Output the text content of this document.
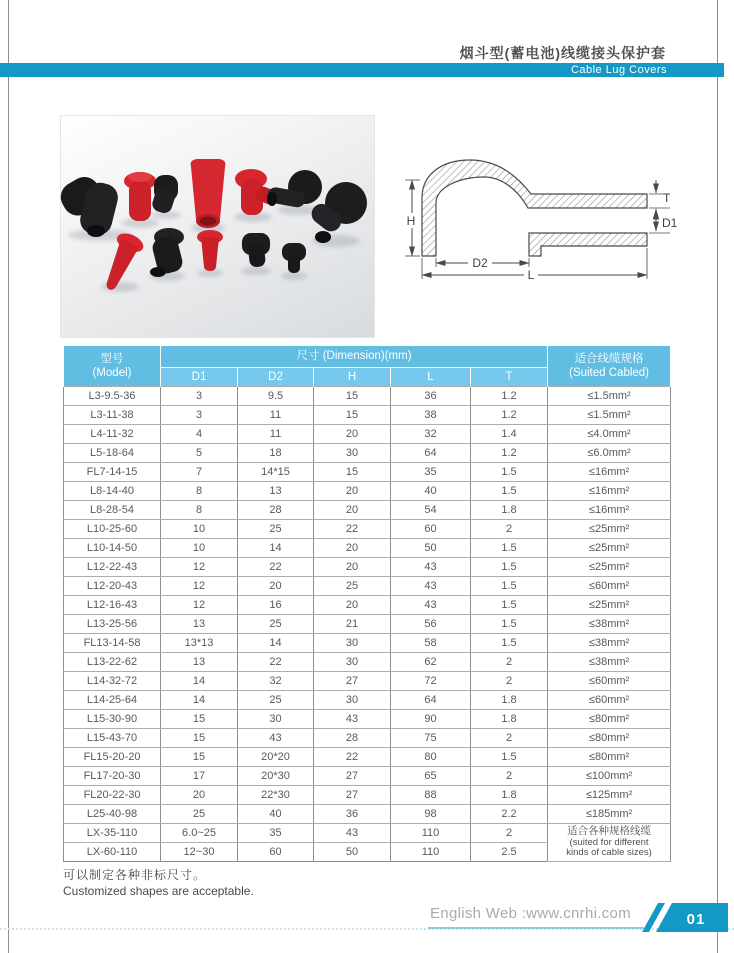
烟斗型(蓄电池)线缆接头保护套
Cable Lug Covers
H
D2
L
T
D1
型号
(Model)	尺寸 (Dimension)(mm)					适合线缆规格
(Suited Cabled)
	D1	D2	H	L	T	
L3-9.5-36	3	9.5	15	36	1.2	≤1.5mm²
L3-11-38	3	11	15	38	1.2	≤1.5mm²
L4-11-32	4	11	20	32	1.4	≤4.0mm²
L5-18-64	5	18	30	64	1.2	≤6.0mm²
FL7-14-15	7	14*15	15	35	1.5	≤16mm²
L8-14-40	8	13	20	40	1.5	≤16mm²
L8-28-54	8	28	20	54	1.8	≤16mm²
L10-25-60	10	25	22	60	2	≤25mm²
L10-14-50	10	14	20	50	1.5	≤25mm²
L12-22-43	12	22	20	43	1.5	≤25mm²
L12-20-43	12	20	25	43	1.5	≤60mm²
L12-16-43	12	16	20	43	1.5	≤25mm²
L13-25-56	13	25	21	56	1.5	≤38mm²
FL13-14-58	13*13	14	30	58	1.5	≤38mm²
L13-22-62	13	22	30	62	2	≤38mm²
L14-32-72	14	32	27	72	2	≤60mm²
L14-25-64	14	25	30	64	1.8	≤60mm²
L15-30-90	15	30	43	90	1.8	≤80mm²
L15-43-70	15	43	28	75	2	≤80mm²
FL15-20-20	15	20*20	22	80	1.5	≤80mm²
FL17-20-30	17	20*30	27	65	2	≤100mm²
FL20-22-30	20	22*30	27	88	1.8	≤125mm²
L25-40-98	25	40	36	98	2.2	≤185mm²
LX-35-110	6.0~25	35	43	110	2	适合各种规格线缆
(suited for different
kinds of cable sizes)

LX-60-110	12~30	60	50	110	2.5	
可以制定各种非标尺寸。
Customized shapes are acceptable.
English Web :www.cnrhi.com	01
